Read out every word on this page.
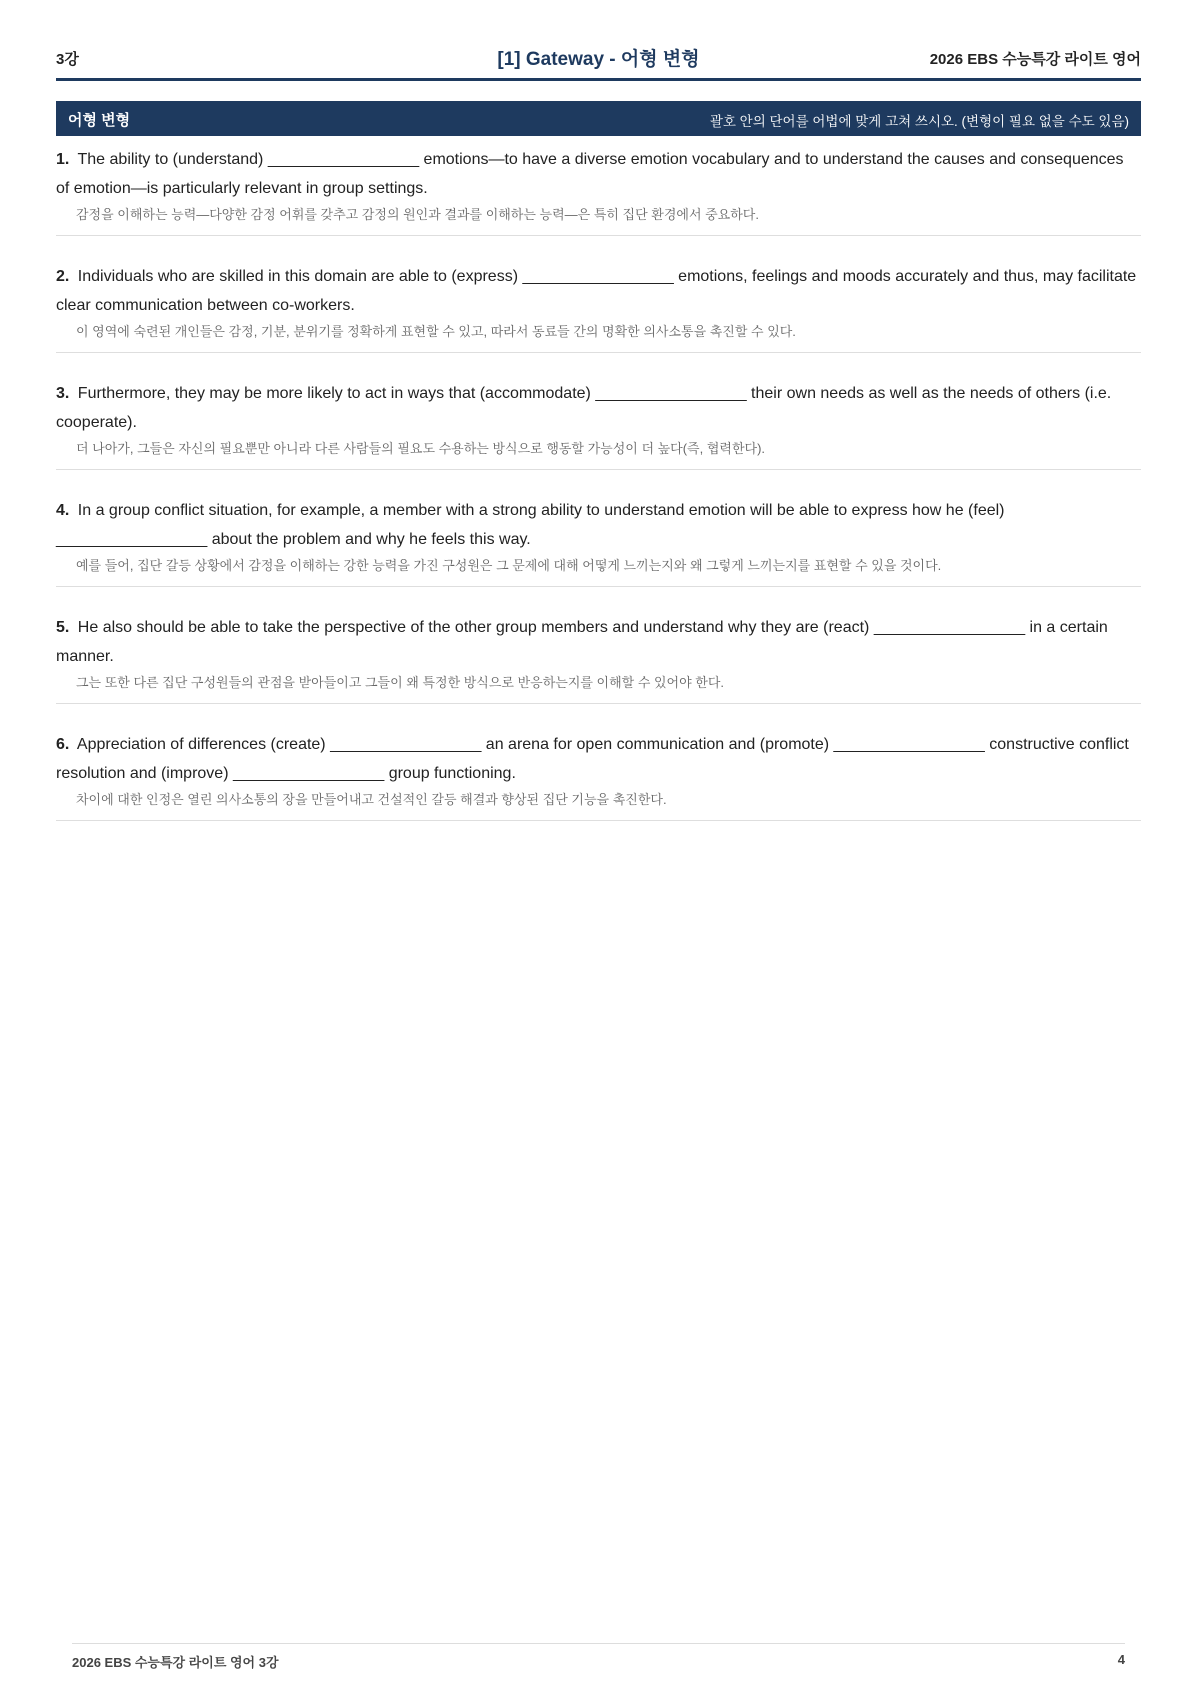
3강	[1] Gateway - 어형 변형	2026 EBS 수능특강 라이트 영어
어형 변형	괄호 안의 단어를 어법에 맞게 고쳐 쓰시오. (변형이 필요 없을 수도 있음)

1. The ability to (understand) _________________ emotions—to have a diverse emotion vocabulary and to understand the causes and consequences of emotion—is particularly relevant in group settings.

감정을 이해하는 능력—다양한 감정 어휘를 갖추고 감정의 원인과 결과를 이해하는 능력—은 특히 집단 환경에서 중요하다.

2. Individuals who are skilled in this domain are able to (express) _________________ emotions, feelings and moods accurately and thus, may facilitate clear communication between co-workers.

이 영역에 숙련된 개인들은 감정, 기분, 분위기를 정확하게 표현할 수 있고, 따라서 동료들 간의 명확한 의사소통을 촉진할 수 있다.

3. Furthermore, they may be more likely to act in ways that (accommodate) _________________ their own needs as well as the needs of others (i.e. cooperate).

더 나아가, 그들은 자신의 필요뿐만 아니라 다른 사람들의 필요도 수용하는 방식으로 행동할 가능성이 더 높다(즉, 협력한다).

4. In a group conflict situation, for example, a member with a strong ability to understand emotion will be able to express how he (feel) _________________ about the problem and why he feels this way.

예를 들어, 집단 갈등 상황에서 감정을 이해하는 강한 능력을 가진 구성원은 그 문제에 대해 어떻게 느끼는지와 왜 그렇게 느끼는지를 표현할 수 있을 것이다.

5. He also should be able to take the perspective of the other group members and understand why they are (react) _________________ in a certain manner.

그는 또한 다른 집단 구성원들의 관점을 받아들이고 그들이 왜 특정한 방식으로 반응하는지를 이해할 수 있어야 한다.

6. Appreciation of differences (create) _________________ an arena for open communication and (promote) _________________ constructive conflict resolution and (improve) _________________ group functioning.

차이에 대한 인정은 열린 의사소통의 장을 만들어내고 건설적인 갈등 해결과 향상된 집단 기능을 촉진한다.

2026 EBS 수능특강 라이트 영어 3강	4
